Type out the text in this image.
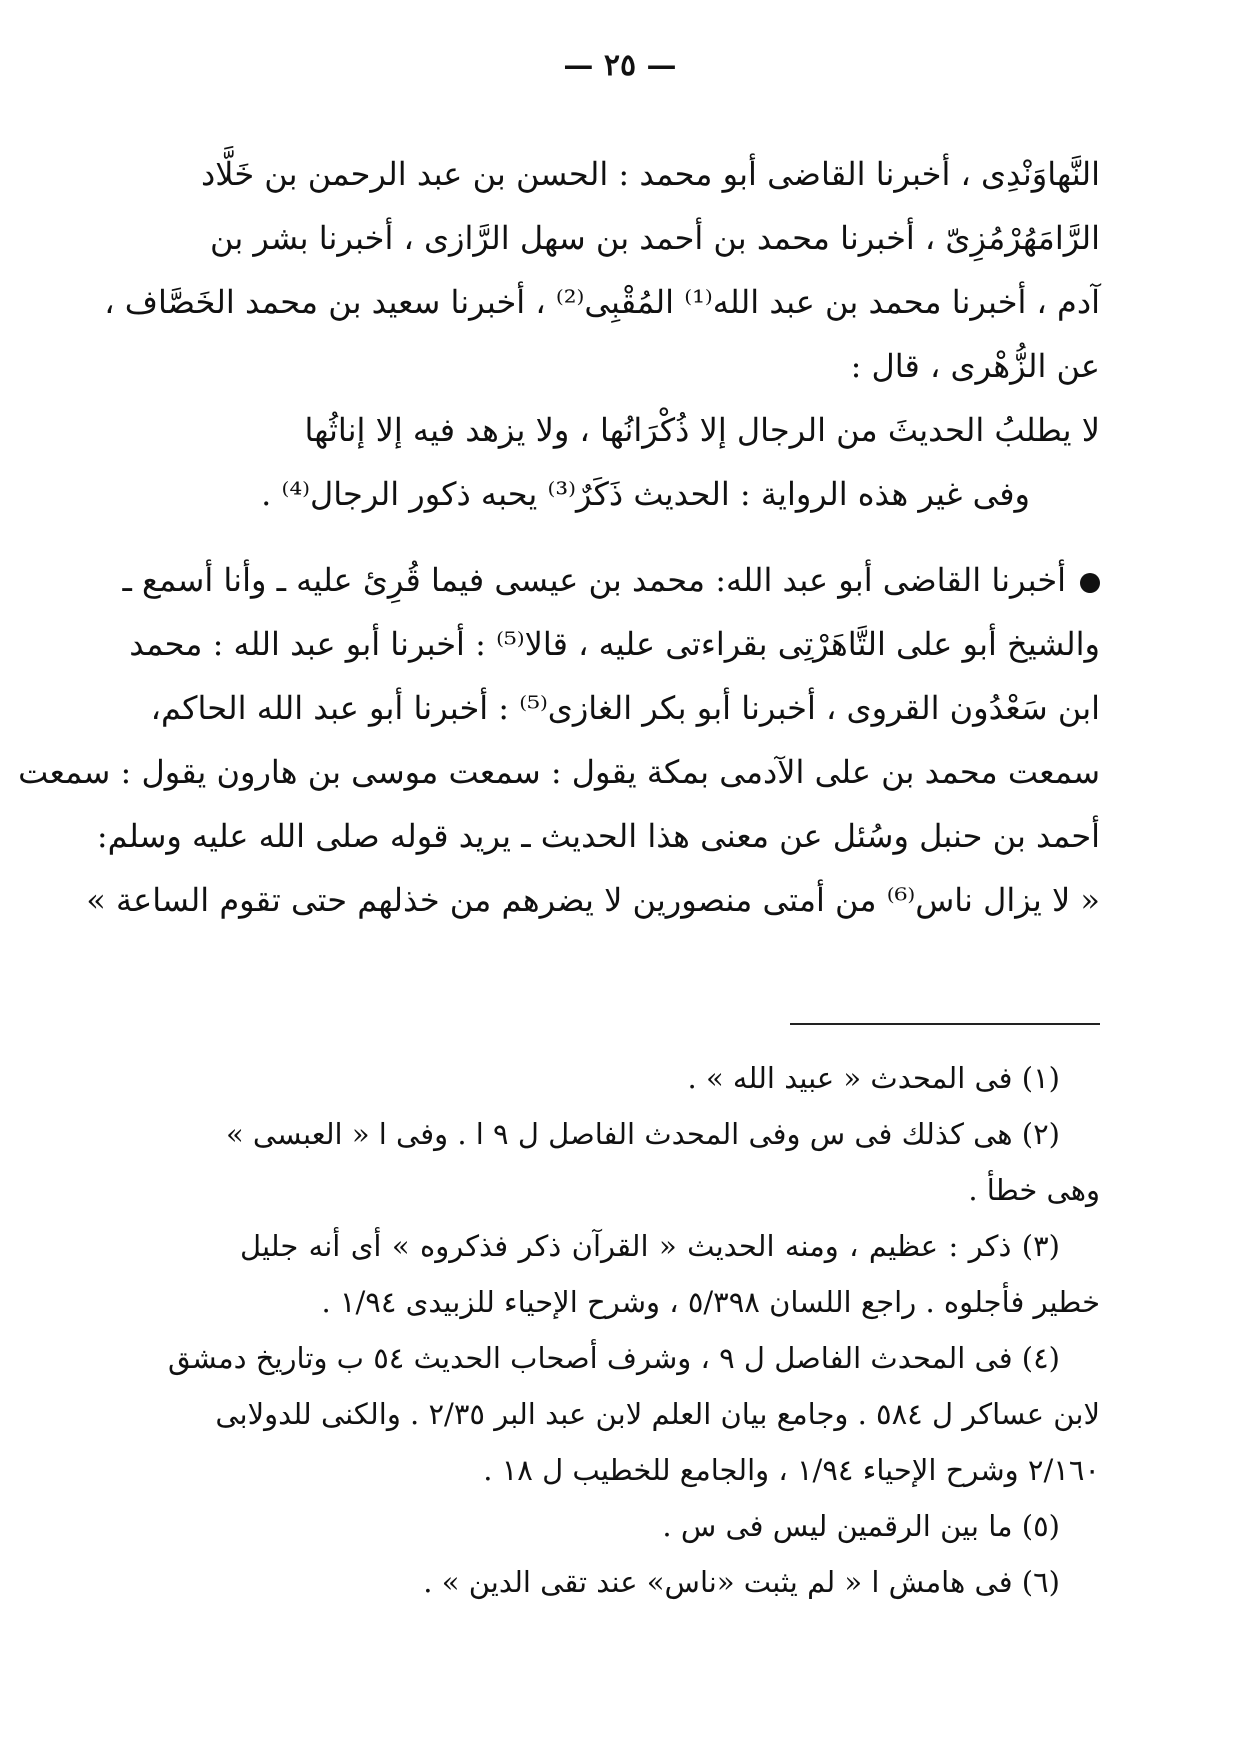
— ٢٥ —
النَّهاوَنْدِى ، أخبرنا القاضى أبو محمد : الحسن بن عبد الرحمن بن خَلَّاد
الرَّامَهُرْمُزِىّ ، أخبرنا محمد بن أحمد بن سهل الرَّازى ، أخبرنا بشر بن
آدم ، أخبرنا محمد بن عبد الله⁽¹⁾ المُقْبِى⁽²⁾ ، أخبرنا سعيد بن محمد الخَصَّاف ،
عن الزُّهْرى ، قال :
لا يطلبُ الحديثَ من الرجال إلا ذُكْرَانُها ، ولا يزهد فيه إلا إناثُها
وفى غير هذه الرواية : الحديث ذَكَرٌ⁽³⁾ يحبه ذكور الرجال⁽⁴⁾ .
أخبرنا القاضى أبو عبد الله: محمد بن عيسى فيما قُرِئ عليه ـ وأنا أسمع ـ
والشيخ أبو على التَّاهَرْتِى بقراءتى عليه ، قالا⁽⁵⁾ : أخبرنا أبو عبد الله : محمد
ابن سَعْدُون القروى ، أخبرنا أبو بكر الغازى⁽⁵⁾ : أخبرنا أبو عبد الله الحاكم،
سمعت محمد بن على الآدمى بمكة يقول : سمعت موسى بن هارون يقول : سمعت
أحمد بن حنبل وسُئل عن معنى هذا الحديث ـ يريد قوله صلى الله عليه وسلم:
« لا يزال ناس⁽⁶⁾ من أمتى منصورين لا يضرهم من خذلهم حتى تقوم الساعة »
(١) فى المحدث « عبيد الله » .
(٢) هى كذلك فى س وفى المحدث الفاصل ل ٩ ا . وفى ا « العبسى »
وهى خطأ .
(٣) ذكر : عظيم ، ومنه الحديث « القرآن ذكر فذكروه » أى أنه جليل
خطير فأجلوه . راجع اللسان ٥/٣٩٨ ، وشرح الإحياء للزبيدى ١/٩٤ .
(٤) فى المحدث الفاصل ل ٩ ، وشرف أصحاب الحديث ٥٤ ب وتاريخ دمشق
لابن عساكر ل ٥٨٤ . وجامع بيان العلم لابن عبد البر ٢/٣٥ . والكنى للدولابى
٢/١٦٠ وشرح الإحياء ١/٩٤ ، والجامع للخطيب ل ١٨ .
(٥) ما بين الرقمين ليس فى س .
(٦) فى هامش ا « لم يثبت «ناس» عند تقى الدين » .
